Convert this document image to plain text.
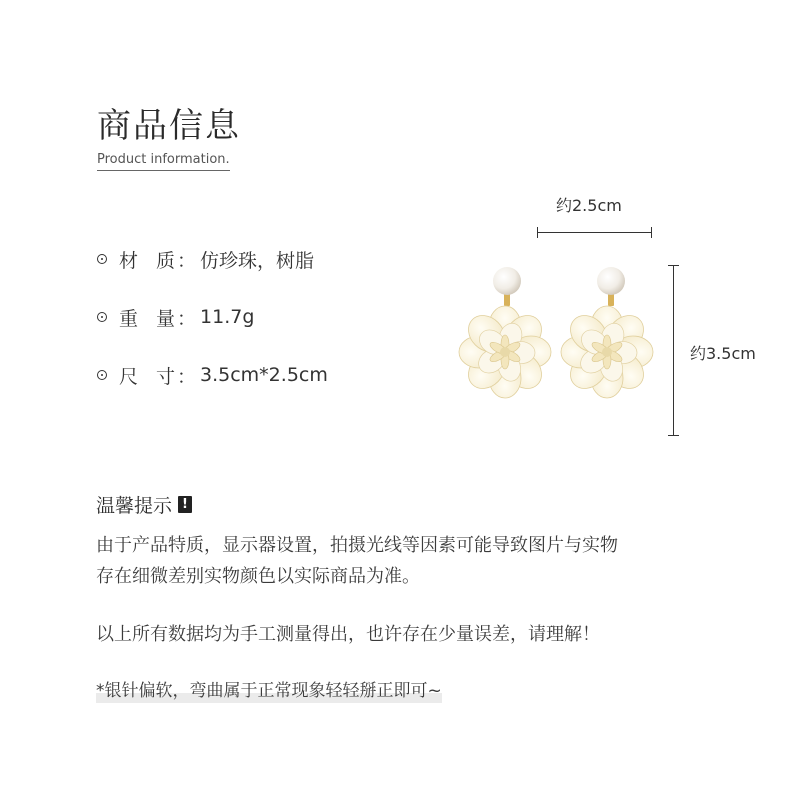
商品信息
Product information.
材 质 ： 仿珍珠，树脂
重 量 ： 11.7g
尺 寸 ： 3.5cm*2.5cm
约2.5cm
约3.5cm
温馨提示 !
由于产品特质，显示器设置，拍摄光线等因素可能导致图片与实物
存在细微差别实物颜色以实际商品为准。
以上所有数据均为手工测量得出，也许存在少量误差，请理解！
*银针偏软，弯曲属于正常现象轻轻掰正即可~
